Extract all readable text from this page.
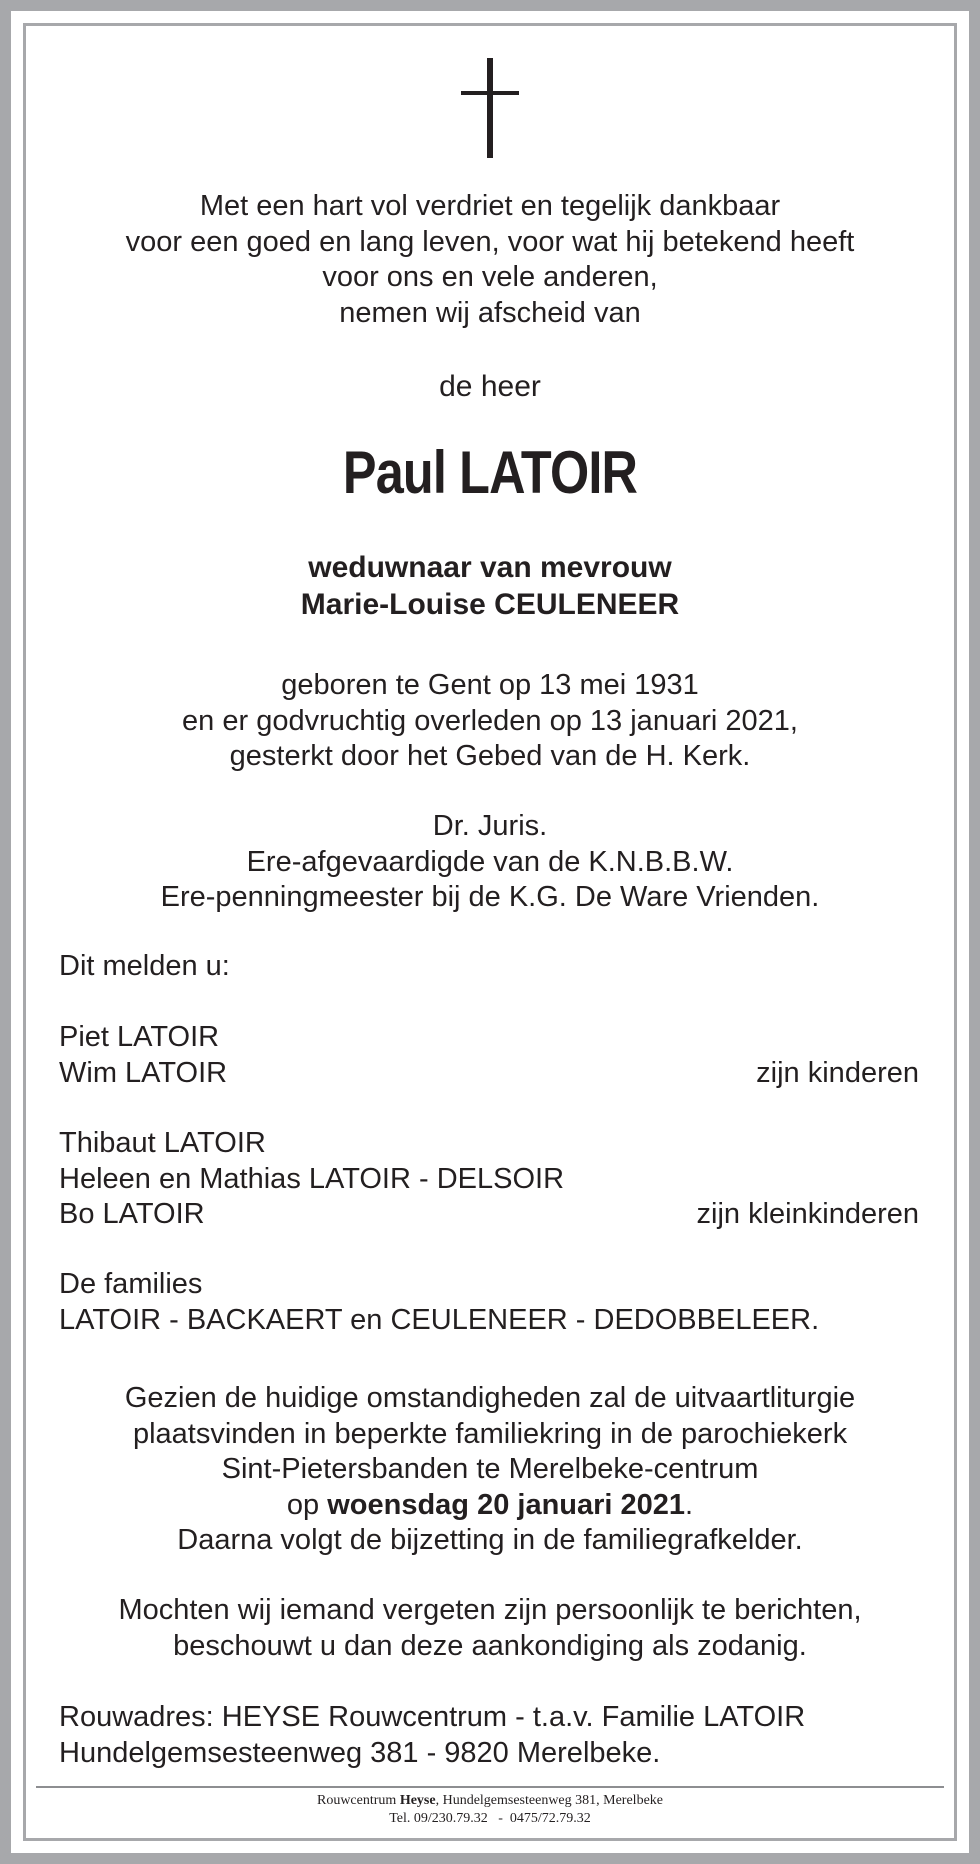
Met een hart vol verdriet en tegelijk dankbaar
voor een goed en lang leven, voor wat hij betekend heeft
voor ons en vele anderen,
nemen wij afscheid van
de heer
Paul LATOIR
weduwnaar van mevrouw
Marie-Louise CEULENEER
geboren te Gent op 13 mei 1931
en er godvruchtig overleden op 13 januari 2021,
gesterkt door het Gebed van de H. Kerk.
Dr. Juris.
Ere-afgevaardigde van de K.N.B.B.W.
Ere-penningmeester bij de K.G. De Ware Vrienden.
Dit melden u:
Piet LATOIR
Wim LATOIR	zijn kinderen
Thibaut LATOIR
Heleen en Mathias LATOIR - DELSOIR
Bo LATOIR	zijn kleinkinderen
De families
LATOIR - BACKAERT en CEULENEER - DEDOBBELEER.
Gezien de huidige omstandigheden zal de uitvaartliturgie
plaatsvinden in beperkte familiekring in de parochiekerk
Sint-Pietersbanden te Merelbeke-centrum
op woensdag 20 januari 2021.
Daarna volgt de bijzetting in de familiegrafkelder.
Mochten wij iemand vergeten zijn persoonlijk te berichten,
beschouwt u dan deze aankondiging als zodanig.
Rouwadres: HEYSE Rouwcentrum - t.a.v. Familie LATOIR
Hundelgemsesteenweg 381 - 9820 Merelbeke.
Rouwcentrum Heyse, Hundelgemsesteenweg 381, Merelbeke
Tel. 09/230.79.32   -  0475/72.79.32
